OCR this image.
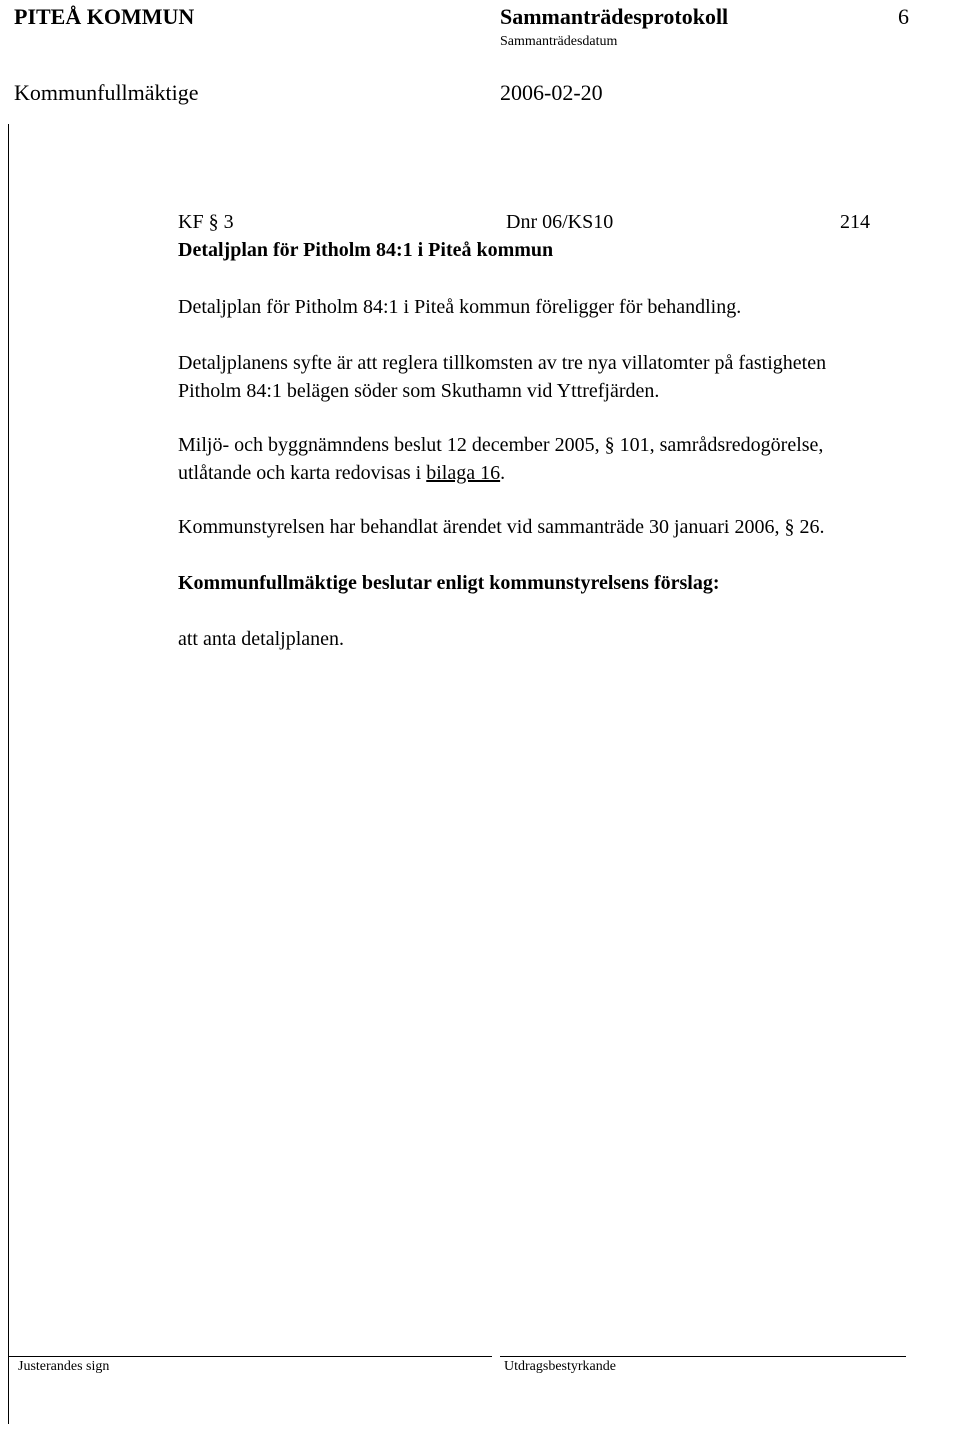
PITEÅ KOMMUN	Sammanträdesprotokoll	6
Sammanträdesdatum
Kommunfullmäktige	2006-02-20
KF § 3	Dnr 06/KS10	214
Detaljplan för Pitholm 84:1 i Piteå kommun

Detaljplan för Pitholm 84:1 i Piteå kommun föreligger för behandling.

Detaljplanens syfte är att reglera tillkomsten av tre nya villatomter på fastigheten
Pitholm 84:1 belägen söder som Skuthamn vid Yttrefjärden.

Miljö- och byggnämndens beslut 12 december 2005, § 101, samrådsredogörelse,
utlåtande och karta redovisas i bilaga 16.

Kommunstyrelsen har behandlat ärendet vid sammanträde 30 januari 2006, § 26.

Kommunfullmäktige beslutar enligt kommunstyrelsens förslag:

att anta detaljplanen.

Justerandes sign	Utdragsbestyrkande
